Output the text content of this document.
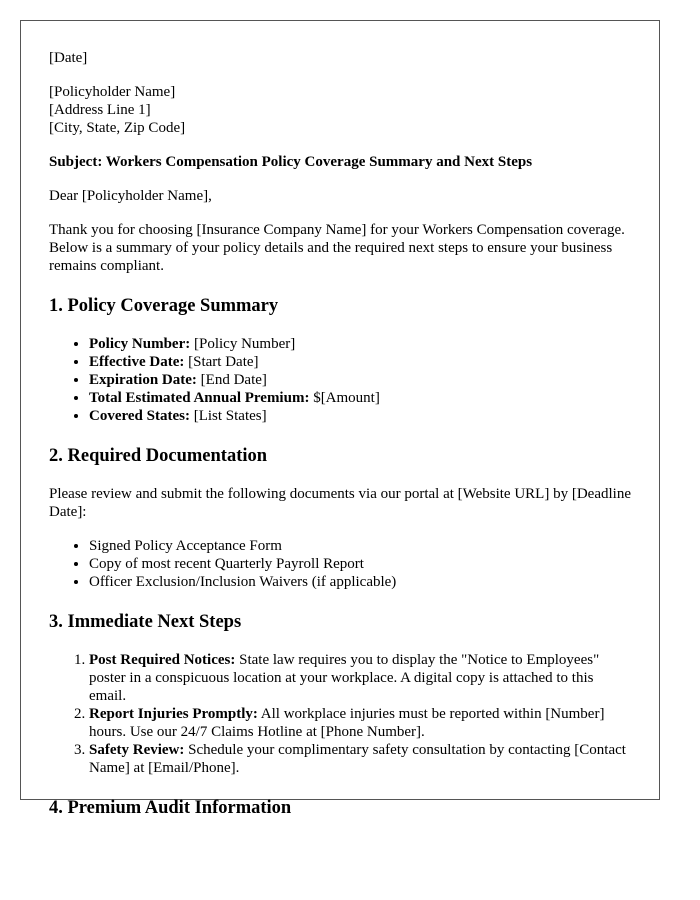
[Date]

[Policyholder Name]
[Address Line 1]
[City, State, Zip Code]

Subject: Workers Compensation Policy Coverage Summary and Next Steps

Dear [Policyholder Name],

Thank you for choosing [Insurance Company Name] for your Workers Compensation coverage. Below is a summary of your policy details and the required next steps to ensure your business remains compliant.

1. Policy Coverage Summary
• Policy Number: [Policy Number]
• Effective Date: [Start Date]
• Expiration Date: [End Date]
• Total Estimated Annual Premium: $[Amount]
• Covered States: [List States]
2. Required Documentation

Please review and submit the following documents via our portal at [Website URL] by [Deadline Date]:

• Signed Policy Acceptance Form
• Copy of most recent Quarterly Payroll Report
• Officer Exclusion/Inclusion Waivers (if applicable)
3. Immediate Next Steps
1. Post Required Notices: State law requires you to display the "Notice to Employees" poster in a conspicuous location at your workplace. A digital copy is attached to this email.
2. Report Injuries Promptly: All workplace injuries must be reported within [Number] hours. Use our 24/7 Claims Hotline at [Phone Number].
3. Safety Review: Schedule your complimentary safety consultation by contacting [Contact Name] at [Email/Phone].
4. Premium Audit Information
